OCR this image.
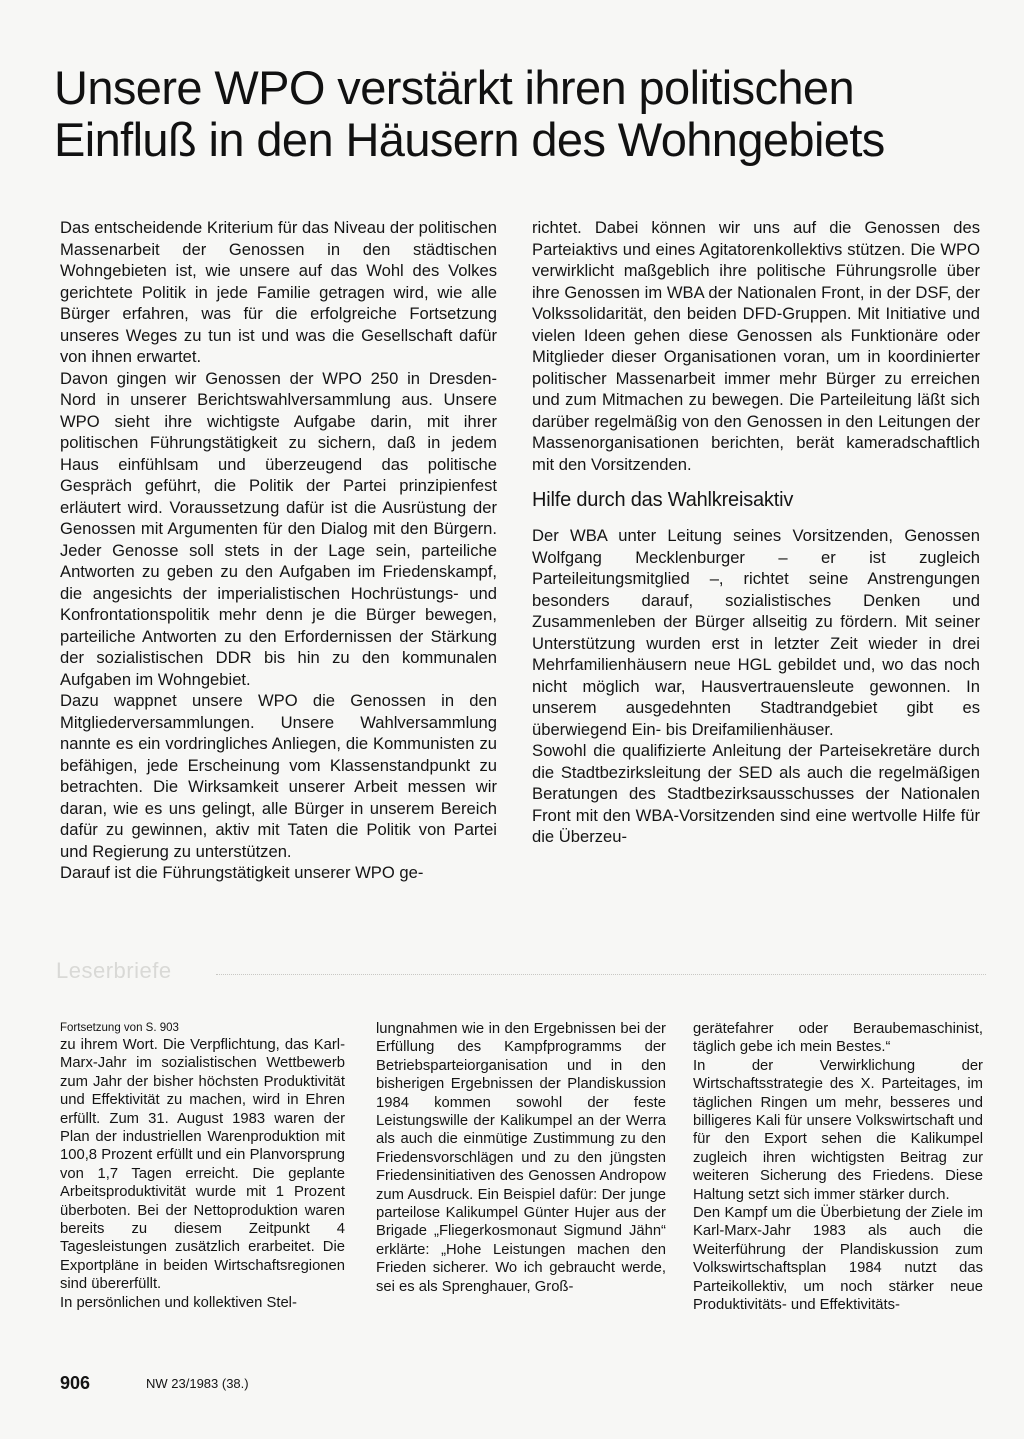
Unsere WPO verstärkt ihren politischen
Einfluß in den Häusern des Wohngebiets

Das entscheidende Kriterium für das Niveau der politischen Massenarbeit der Genossen in den städtischen Wohngebieten ist, wie unsere auf das Wohl des Volkes gerichtete Politik in jede Familie getragen wird, wie alle Bürger erfahren, was für die erfolgreiche Fortsetzung unseres Weges zu tun ist und was die Gesellschaft dafür von ihnen erwartet.

Davon gingen wir Genossen der WPO 250 in Dresden-Nord in unserer Berichtswahlversammlung aus. Unsere WPO sieht ihre wichtigste Aufgabe darin, mit ihrer politischen Führungstätigkeit zu sichern, daß in jedem Haus einfühlsam und überzeugend das politische Gespräch geführt, die Politik der Partei prinzipienfest erläutert wird. Voraussetzung dafür ist die Ausrüstung der Genossen mit Argumenten für den Dialog mit den Bürgern. Jeder Genosse soll stets in der Lage sein, parteiliche Antworten zu geben zu den Aufgaben im Friedenskampf, die angesichts der imperialistischen Hochrüstungs- und Konfrontationspolitik mehr denn je die Bürger bewegen, parteiliche Antworten zu den Erfordernissen der Stärkung der sozialistischen DDR bis hin zu den kommunalen Aufgaben im Wohngebiet.

Dazu wappnet unsere WPO die Genossen in den Mitgliederversammlungen. Unsere Wahlversammlung nannte es ein vordringliches Anliegen, die Kommunisten zu befähigen, jede Erscheinung vom Klassenstandpunkt zu betrachten. Die Wirksamkeit unserer Arbeit messen wir daran, wie es uns gelingt, alle Bürger in unserem Bereich dafür zu gewinnen, aktiv mit Taten die Politik von Partei und Regierung zu unterstützen.

Darauf ist die Führungstätigkeit unserer WPO ge-

richtet. Dabei können wir uns auf die Genossen des Parteiaktivs und eines Agitatorenkollektivs stützen. Die WPO verwirklicht maßgeblich ihre politische Führungsrolle über ihre Genossen im WBA der Nationalen Front, in der DSF, der Volkssolidarität, den beiden DFD-Gruppen. Mit Initiative und vielen Ideen gehen diese Genossen als Funktionäre oder Mitglieder dieser Organisationen voran, um in koordinierter politischer Massenarbeit immer mehr Bürger zu erreichen und zum Mitmachen zu bewegen. Die Parteileitung läßt sich darüber regelmäßig von den Genossen in den Leitungen der Massenorganisationen berichten, berät kameradschaftlich mit den Vorsitzenden.

Hilfe durch das Wahlkreisaktiv

Der WBA unter Leitung seines Vorsitzenden, Genossen Wolfgang Mecklenburger – er ist zugleich Parteileitungsmitglied –, richtet seine Anstrengungen besonders darauf, sozialistisches Denken und Zusammenleben der Bürger allseitig zu fördern. Mit seiner Unterstützung wurden erst in letzter Zeit wieder in drei Mehrfamilienhäusern neue HGL gebildet und, wo das noch nicht möglich war, Hausvertrauensleute gewonnen. In unserem ausgedehnten Stadtrandgebiet gibt es überwiegend Ein- bis Dreifamilienhäuser.

Sowohl die qualifizierte Anleitung der Parteisekretäre durch die Stadtbezirksleitung der SED als auch die regelmäßigen Beratungen des Stadtbezirksausschusses der Nationalen Front mit den WBA-Vorsitzenden sind eine wertvolle Hilfe für die Überzeu-

Leserbriefe
Fortsetzung von S. 903

zu ihrem Wort. Die Verpflichtung, das Karl-Marx-Jahr im sozialistischen Wettbewerb zum Jahr der bisher höchsten Produktivität und Effektivität zu machen, wird in Ehren erfüllt. Zum 31. August 1983 waren der Plan der industriellen Warenproduktion mit 100,8 Prozent erfüllt und ein Planvorsprung von 1,7 Tagen erreicht. Die geplante Arbeitsproduktivität wurde mit 1 Prozent überboten. Bei der Nettoproduktion waren bereits zu diesem Zeitpunkt 4 Tagesleistungen zusätzlich erarbeitet. Die Exportpläne in beiden Wirtschaftsregionen sind übererfüllt.

In persönlichen und kollektiven Stel-

lungnahmen wie in den Ergebnissen bei der Erfüllung des Kampfprogramms der Betriebsparteiorganisation und in den bisherigen Ergebnissen der Plandiskussion 1984 kommen sowohl der feste Leistungswille der Kalikumpel an der Werra als auch die einmütige Zustimmung zu den Friedensvorschlägen und zu den jüngsten Friedensinitiativen des Genossen Andropow zum Ausdruck. Ein Beispiel dafür: Der junge parteilose Kalikumpel Günter Hujer aus der Brigade „Fliegerkosmonaut Sigmund Jähn“ erklärte: „Hohe Leistungen machen den Frieden sicherer. Wo ich gebraucht werde, sei es als Sprenghauer, Groß-

gerätefahrer oder Beraubemaschinist, täglich gebe ich mein Bestes.“

In der Verwirklichung der Wirtschaftsstrategie des X. Parteitages, im täglichen Ringen um mehr, besseres und billigeres Kali für unsere Volkswirtschaft und für den Export sehen die Kalikumpel zugleich ihren wichtigsten Beitrag zur weiteren Sicherung des Friedens. Diese Haltung setzt sich immer stärker durch.

Den Kampf um die Überbietung der Ziele im Karl-Marx-Jahr 1983 als auch die Weiterführung der Plandiskussion zum Volkswirtschaftsplan 1984 nutzt das Parteikollektiv, um noch stärker neue Produktivitäts- und Effektivitäts-

906	NW 23/1983 (38.)
